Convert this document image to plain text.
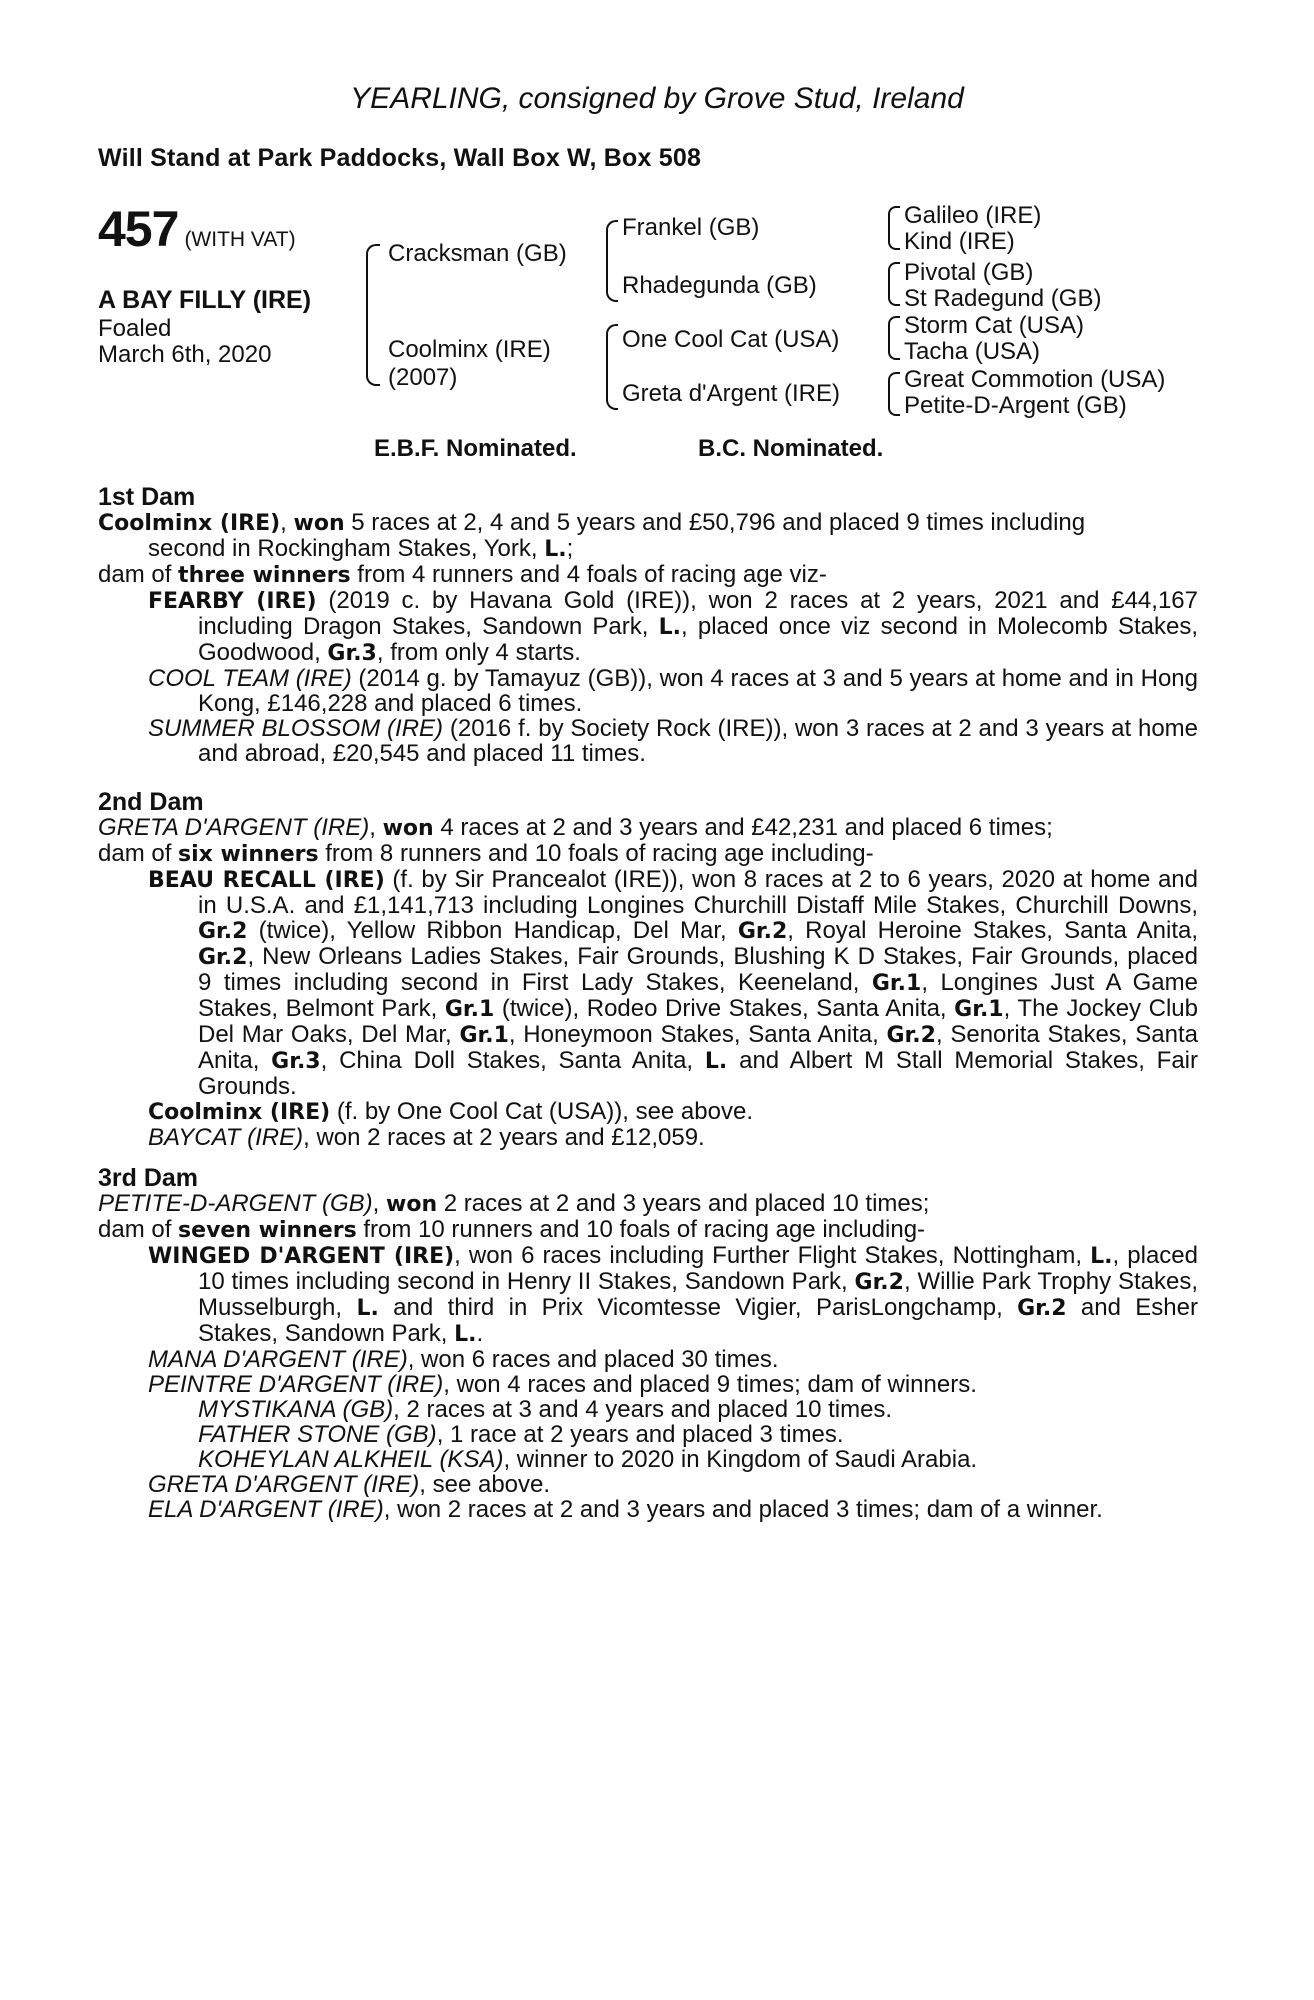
YEARLING, consigned by Grove Stud, Ireland
Will Stand at Park Paddocks, Wall Box W, Box 508
457 (WITH VAT)
A BAY FILLY (IRE)
Foaled
March 6th, 2020
Cracksman (GB)
Coolminx (IRE)
(2007)
Frankel (GB)
Rhadegunda (GB)
One Cool Cat (USA)
Greta d'Argent (IRE)
Galileo (IRE)
Kind (IRE)
Pivotal (GB)
St Radegund (GB)
Storm Cat (USA)
Tacha (USA)
Great Commotion (USA)
Petite-D-Argent (GB)
E.B.F. Nominated.	B.C. Nominated.
1st Dam
Coolminx (IRE), won 5 races at 2, 4 and 5 years and £50,796 and placed 9 times including
second in Rockingham Stakes, York, L.;
dam of three winners from 4 runners and 4 foals of racing age viz-
FEARBY (IRE) (2019 c. by Havana Gold (IRE)), won 2 races at 2 years, 2021 and £44,167 including Dragon Stakes, Sandown Park, L., placed once viz second in Molecomb Stakes, Goodwood, Gr.3, from only 4 starts.
COOL TEAM (IRE) (2014 g. by Tamayuz (GB)), won 4 races at 3 and 5 years at home and in Hong Kong, £146,228 and placed 6 times.
SUMMER BLOSSOM (IRE) (2016 f. by Society Rock (IRE)), won 3 races at 2 and 3 years at home and abroad, £20,545 and placed 11 times.
2nd Dam
GRETA D'ARGENT (IRE), won 4 races at 2 and 3 years and £42,231 and placed 6 times;
dam of six winners from 8 runners and 10 foals of racing age including-
BEAU RECALL (IRE) (f. by Sir Prancealot (IRE)), won 8 races at 2 to 6 years, 2020 at home and in U.S.A. and £1,141,713 including Longines Churchill Distaff Mile Stakes, Churchill Downs, Gr.2 (twice), Yellow Ribbon Handicap, Del Mar, Gr.2, Royal Heroine Stakes, Santa Anita, Gr.2, New Orleans Ladies Stakes, Fair Grounds, Blushing K D Stakes, Fair Grounds, placed 9 times including second in First Lady Stakes, Keeneland, Gr.1, Longines Just A Game Stakes, Belmont Park, Gr.1 (twice), Rodeo Drive Stakes, Santa Anita, Gr.1, The Jockey Club Del Mar Oaks, Del Mar, Gr.1, Honeymoon Stakes, Santa Anita, Gr.2, Senorita Stakes, Santa Anita, Gr.3, China Doll Stakes, Santa Anita, L. and Albert M Stall Memorial Stakes, Fair Grounds.
Coolminx (IRE) (f. by One Cool Cat (USA)), see above.
BAYCAT (IRE), won 2 races at 2 years and £12,059.
3rd Dam
PETITE-D-ARGENT (GB), won 2 races at 2 and 3 years and placed 10 times;
dam of seven winners from 10 runners and 10 foals of racing age including-
WINGED D'ARGENT (IRE), won 6 races including Further Flight Stakes, Nottingham, L., placed 10 times including second in Henry II Stakes, Sandown Park, Gr.2, Willie Park Trophy Stakes, Musselburgh, L. and third in Prix Vicomtesse Vigier, ParisLongchamp, Gr.2 and Esher Stakes, Sandown Park, L..
MANA D'ARGENT (IRE), won 6 races and placed 30 times.
PEINTRE D'ARGENT (IRE), won 4 races and placed 9 times; dam of winners.
MYSTIKANA (GB), 2 races at 3 and 4 years and placed 10 times.
FATHER STONE (GB), 1 race at 2 years and placed 3 times.
KOHEYLAN ALKHEIL (KSA), winner to 2020 in Kingdom of Saudi Arabia.
GRETA D'ARGENT (IRE), see above.
ELA D'ARGENT (IRE), won 2 races at 2 and 3 years and placed 3 times; dam of a winner.
